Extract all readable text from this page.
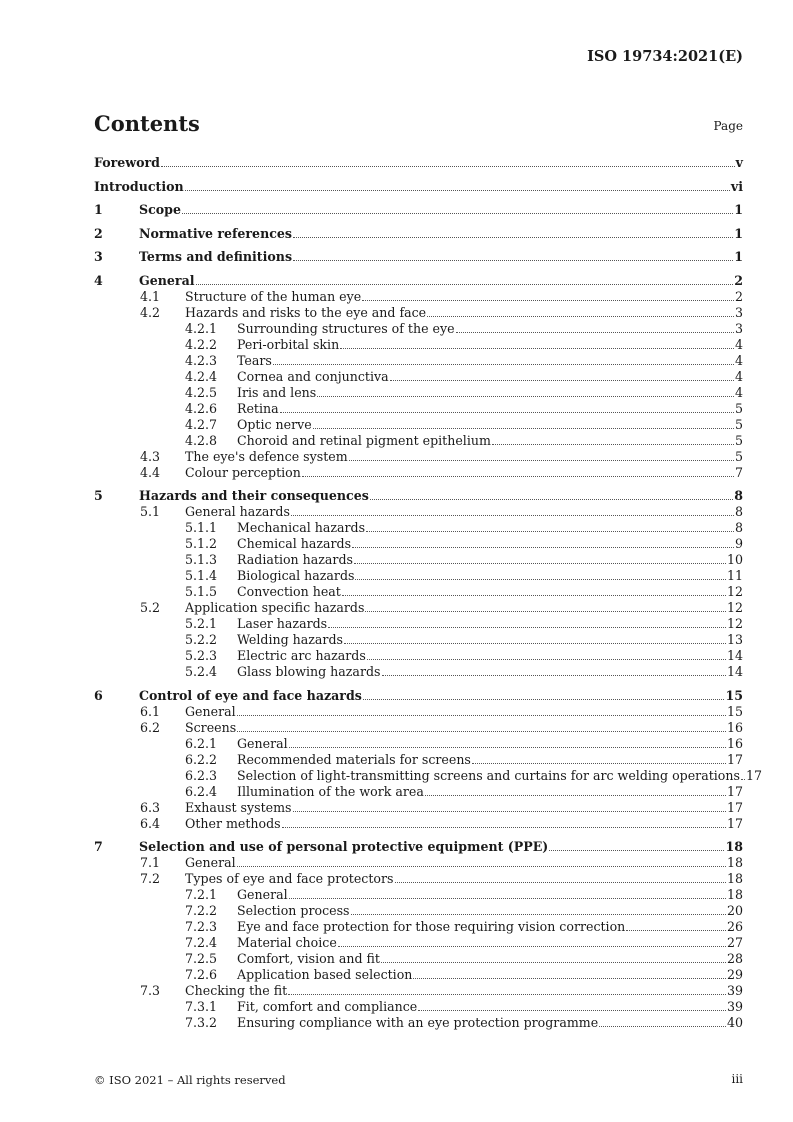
ISO 19734:2021(E)
Contents	Page
Foreword	v
Introduction	vi
1	Scope	1
2	Normative references	1
3	Terms and definitions	1
4	General	2
4.1 Structure of the human eye	2
4.2 Hazards and risks to the eye and face	3
4.2.1 Surrounding structures of the eye	3
4.2.2 Peri-orbital skin	4
4.2.3 Tears	4
4.2.4 Cornea and conjunctiva	4
4.2.5 Iris and lens	4
4.2.6 Retina	5
4.2.7 Optic nerve	5
4.2.8 Choroid and retinal pigment epithelium	5
4.3 The eye's defence system	5
4.4 Colour perception	7
5	Hazards and their consequences	8
5.1 General hazards	8
5.1.1 Mechanical hazards	8
5.1.2 Chemical hazards	9
5.1.3 Radiation hazards	10
5.1.4 Biological hazards	11
5.1.5 Convection heat	12
5.2 Application specific hazards	12
5.2.1 Laser hazards	12
5.2.2 Welding hazards	13
5.2.3 Electric arc hazards	14
5.2.4 Glass blowing hazards	14
6	Control of eye and face hazards	15
6.1 General	15
6.2 Screens	16
6.2.1 General	16
6.2.2 Recommended materials for screens	17
6.2.3 Selection of light-transmitting screens and curtains for arc welding operations 17
6.2.4 Illumination of the work area	17
6.3 Exhaust systems	17
6.4 Other methods	17
7	Selection and use of personal protective equipment (PPE)	18
7.1 General	18
7.2 Types of eye and face protectors	18
7.2.1 General	18
7.2.2 Selection process	20
7.2.3 Eye and face protection for those requiring vision correction	26
7.2.4 Material choice	27
7.2.5 Comfort, vision and fit	28
7.2.6 Application based selection	29
7.3 Checking the fit	39
7.3.1 Fit, comfort and compliance	39
7.3.2 Ensuring compliance with an eye protection programme	40
© ISO 2021 – All rights reserved	iii
